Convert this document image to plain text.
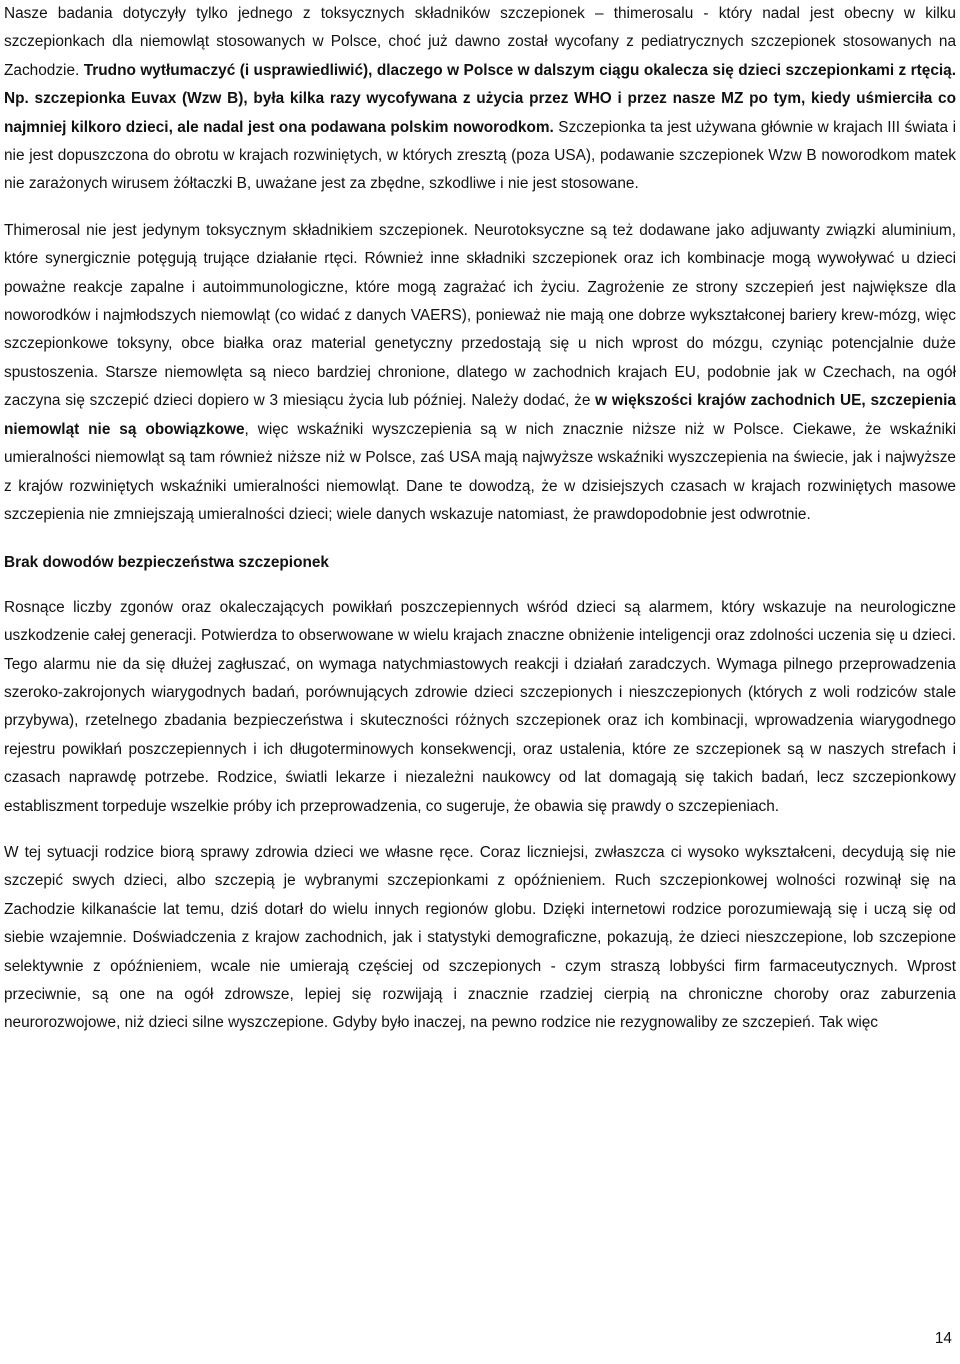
Nasze badania dotyczyły tylko jednego z toksycznych składników szczepionek – thimerosalu - który nadal jest obecny w kilku szczepionkach dla niemowląt stosowanych w Polsce, choć już dawno został wycofany z pediatrycznych szczepionek stosowanych na Zachodzie. Trudno wytłumaczyć (i usprawiedliwić), dlaczego w Polsce w dalszym ciągu okalecza się dzieci szczepionkami z rtęcią. Np. szczepionka Euvax (Wzw B), była kilka razy wycofywana z użycia przez WHO i przez nasze MZ po tym, kiedy uśmierciła co najmniej kilkoro dzieci, ale nadal jest ona podawana polskim noworodkom. Szczepionka ta jest używana głównie w krajach III świata i nie jest dopuszczona do obrotu w krajach rozwiniętych, w których zresztą (poza USA), podawanie szczepionek Wzw B noworodkom matek nie zarażonych wirusem żółtaczki B, uważane jest za zbędne, szkodliwe i nie jest stosowane.

Thimerosal nie jest jedynym toksycznym składnikiem szczepionek. Neurotoksyczne są też dodawane jako adjuwanty związki aluminium, które synergicznie potęgują trujące działanie rtęci. Również inne składniki szczepionek oraz ich kombinacje mogą wywoływać u dzieci poważne reakcje zapalne i autoimmunologiczne, które mogą zagrażać ich życiu. Zagrożenie ze strony szczepień jest największe dla noworodków i najmłodszych niemowląt (co widać z danych VAERS), ponieważ nie mają one dobrze wykształconej bariery krew-mózg, więc szczepionkowe toksyny, obce białka oraz material genetyczny przedostają się u nich wprost do mózgu, czyniąc potencjalnie duże spustoszenia. Starsze niemowlęta są nieco bardziej chronione, dlatego w zachodnich krajach EU, podobnie jak w Czechach, na ogół zaczyna się szczepić dzieci dopiero w 3 miesiącu życia lub później. Należy dodać, że w większości krajów zachodnich UE, szczepienia niemowląt nie są obowiązkowe, więc wskaźniki wyszczepienia są w nich znacznie niższe niż w Polsce. Ciekawe, że wskaźniki umieralności niemowląt są tam również niższe niż w Polsce, zaś USA mają najwyższe wskaźniki wyszczepienia na świecie, jak i najwyższe z krajów rozwiniętych wskaźniki umieralności niemowląt. Dane te dowodzą, że w dzisiejszych czasach w krajach rozwiniętych masowe szczepienia nie zmniejszają umieralności dzieci; wiele danych wskazuje natomiast, że prawdopodobnie jest odwrotnie.

Brak dowodów bezpieczeństwa szczepionek

Rosnące liczby zgonów oraz okaleczających powikłań poszczepiennych wśród dzieci są alarmem, który wskazuje na neurologiczne uszkodzenie całej generacji. Potwierdza to obserwowane w wielu krajach znaczne obniżenie inteligencji oraz zdolności uczenia się u dzieci. Tego alarmu nie da się dłużej zagłuszać, on wymaga natychmiastowych reakcji i działań zaradczych. Wymaga pilnego przeprowadzenia szeroko-zakrojonych wiarygodnych badań, porównujących zdrowie dzieci szczepionych i nieszczepionych (których z woli rodziców stale przybywa), rzetelnego zbadania bezpieczeństwa i skuteczności różnych szczepionek oraz ich kombinacji, wprowadzenia wiarygodnego rejestru powikłań poszczepiennych i ich długoterminowych konsekwencji, oraz ustalenia, które ze szczepionek są w naszych strefach i czasach naprawdę potrzebe. Rodzice, światli lekarze i niezależni naukowcy od lat domagają się takich badań, lecz szczepionkowy establiszment torpeduje wszelkie próby ich przeprowadzenia, co sugeruje, że obawia się prawdy o szczepieniach.

W tej sytuacji rodzice biorą sprawy zdrowia dzieci we własne ręce. Coraz liczniejsi, zwłaszcza ci wysoko wykształceni, decydują się nie szczepić swych dzieci, albo szczepią je wybranymi szczepionkami z opóźnieniem. Ruch szczepionkowej wolności rozwinął się na Zachodzie kilkanaście lat temu, dziś dotarł do wielu innych regionów globu. Dzięki internetowi rodzice porozumiewają się i uczą się od siebie wzajemnie. Doświadczenia z krajow zachodnich, jak i statystyki demograficzne, pokazują, że dzieci nieszczepione, lob szczepione selektywnie z opóźnieniem, wcale nie umierają częściej od szczepionych - czym straszą lobbyści firm farmaceutycznych. Wprost przeciwnie, są one na ogół zdrowsze, lepiej się rozwijają i znacznie rzadziej cierpią na chroniczne choroby oraz zaburzenia neurorozwojowe, niż dzieci silne wyszczepione. Gdyby było inaczej, na pewno rodzice nie rezygnowaliby ze szczepień. Tak więc

14
